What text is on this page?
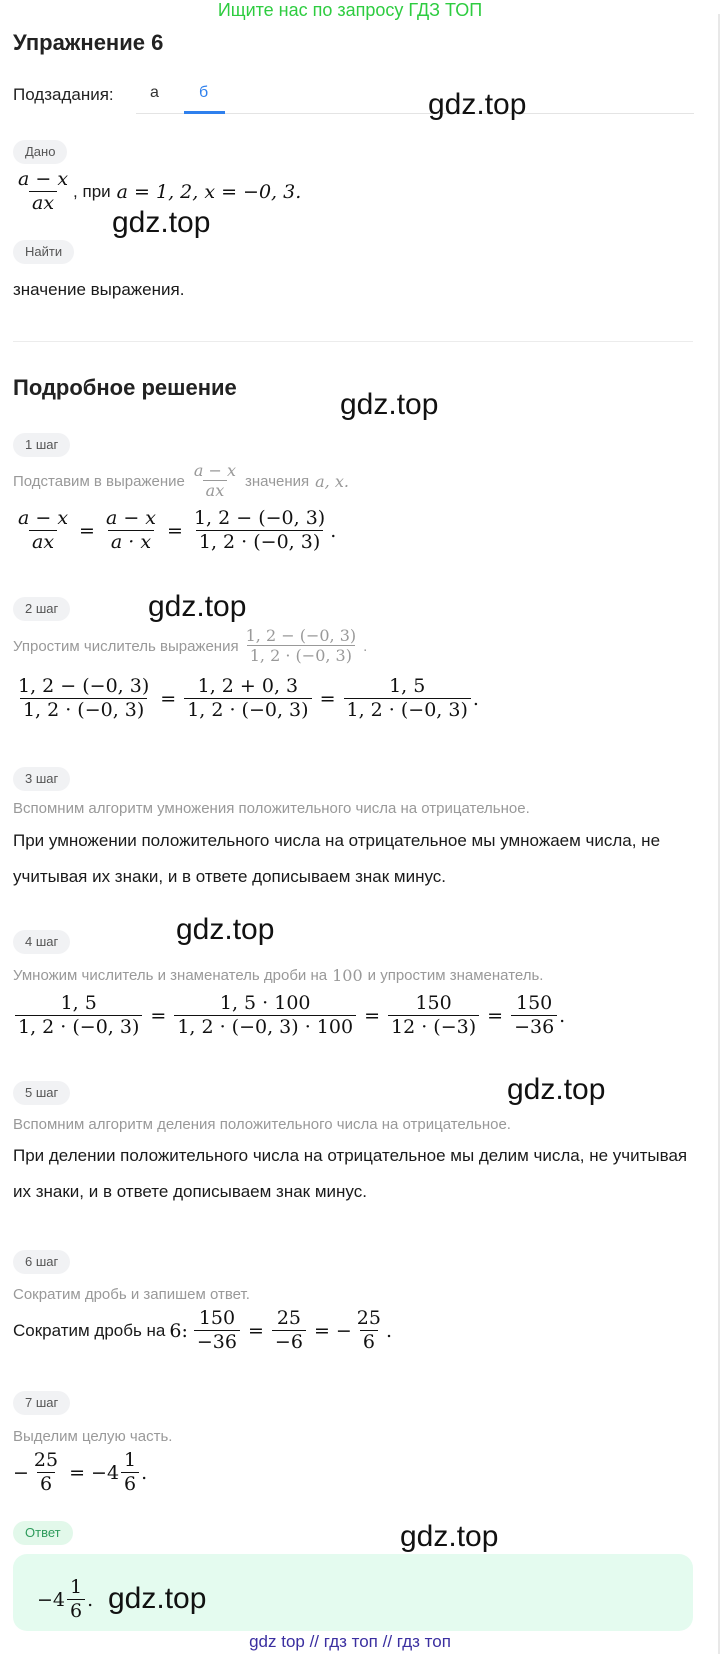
Ищите нас по запросу ГДЗ ТОП
Упражнение 6
Подзадания: а	б	gdz.top
Дано
$\frac{a - x}{ax}$ , при a = 1, 2, x = −0, 3.
gdz.top
Найти
значение выражения.
Подробное решение
gdz.top
1 шаг
Подставим в выражение $\frac{a - x}{ax}$ значения a, x.
$\frac{a - x}{ax} = \frac{a - x}{a \cdot x} = \frac{1, 2 - (-0, 3)}{1, 2 \cdot (-0, 3)}$ .
2 шаг	gdz.top
Упростим числитель выражения $\frac{1, 2 - (-0, 3)}{1, 2 \cdot (-0, 3)}$ .
$\frac{1, 2 - (-0, 3)}{1, 2 \cdot (-0, 3)} = \frac{1, 2 + 0, 3}{1, 2 \cdot (-0, 3)} = \frac{1, 5}{1, 2 \cdot (-0, 3)}$ .
3 шаг
Вспомним алгоритм умножения положительного числа на отрицательное.
При умножении положительного числа на отрицательное мы умножаем числа, не учитывая их знаки, и в ответе дописываем знак минус.
4 шаг	gdz.top
Умножим числитель и знаменатель дроби на 100 и упростим знаменатель.
$\frac{1, 5}{1, 2 \cdot (-0, 3)} = \frac{1, 5 \cdot 100}{1, 2 \cdot (-0, 3) \cdot 100} = \frac{150}{12 \cdot (-3)} = \frac{150}{-36}$ .
5 шаг	gdz.top
Вспомним алгоритм деления положительного числа на отрицательное.
При делении положительного числа на отрицательное мы делим числа, не учитывая их знаки, и в ответе дописываем знак минус.
6 шаг
Сократим дробь и запишем ответ.
Сократим дробь на 6: $\frac{150}{-36} = \frac{25}{-6}$ = − $\frac{25}{6}$ .
7 шаг
Выделим целую часть.
− $\frac{25}{6} = -4 \frac{1}{6}$ .
Ответ	gdz.top
$-4 \frac{1}{6}$ . gdz.top
gdz top // гдз топ // гдз топ
